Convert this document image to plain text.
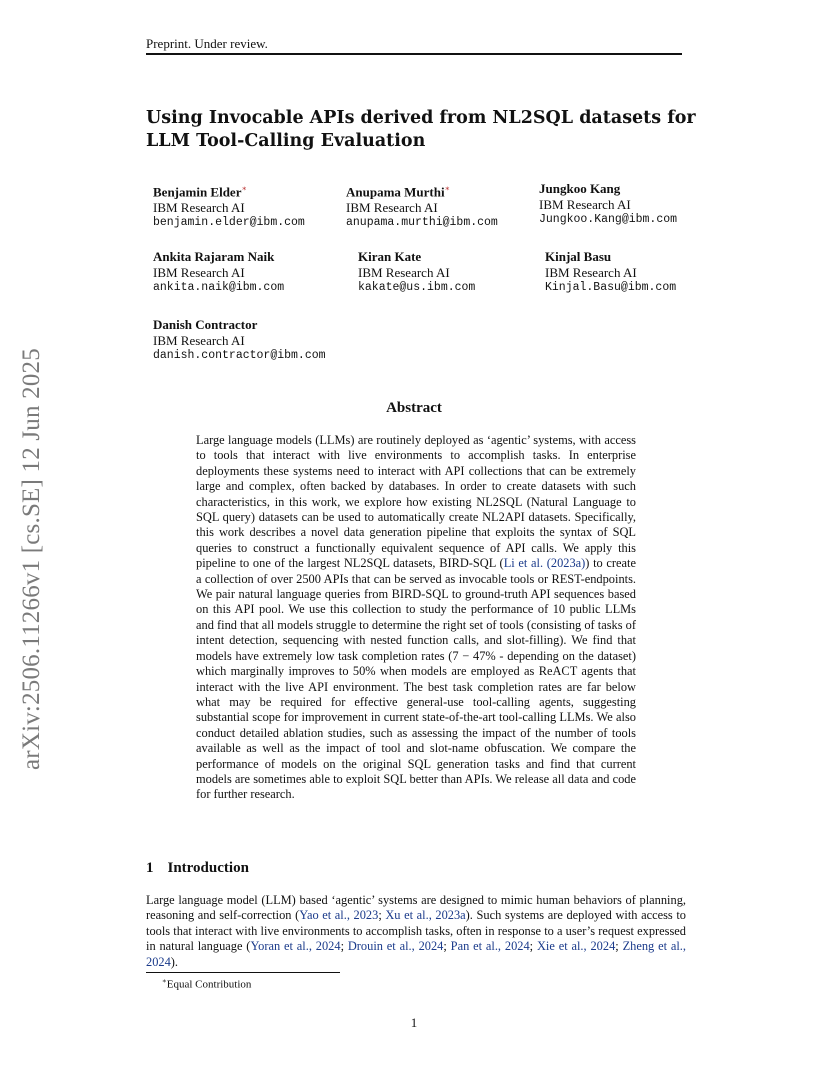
Preprint. Under review.
arXiv:2506.11266v1 [cs.SE] 12 Jun 2025
Using Invocable APIs derived from NL2SQL datasets for LLM Tool-Calling Evaluation
Benjamin Elder∗
IBM Research AI
benjamin.elder@ibm.com
Anupama Murthi∗
IBM Research AI
anupama.murthi@ibm.com
Jungkoo Kang
IBM Research AI
Jungkoo.Kang@ibm.com
Ankita Rajaram Naik
IBM Research AI
ankita.naik@ibm.com
Kiran Kate
IBM Research AI
kakate@us.ibm.com
Kinjal Basu
IBM Research AI
Kinjal.Basu@ibm.com
Danish Contractor
IBM Research AI
danish.contractor@ibm.com
Abstract
Large language models (LLMs) are routinely deployed as ‘agentic’ systems, with access to tools that interact with live environments to accomplish tasks. In enterprise deployments these systems need to interact with API collections that can be extremely large and complex, often backed by databases. In order to create datasets with such characteristics, in this work, we explore how existing NL2SQL (Natural Language to SQL query) datasets can be used to automatically create NL2API datasets. Specifically, this work describes a novel data generation pipeline that exploits the syntax of SQL queries to construct a functionally equivalent sequence of API calls. We apply this pipeline to one of the largest NL2SQL datasets, BIRD-SQL (Li et al. (2023a)) to create a collection of over 2500 APIs that can be served as invocable tools or REST-endpoints. We pair natural language queries from BIRD-SQL to ground-truth API sequences based on this API pool. We use this collection to study the performance of 10 public LLMs and find that all models struggle to determine the right set of tools (consisting of tasks of intent detection, sequencing with nested function calls, and slot-filling). We find that models have extremely low task completion rates (7 − 47% - depending on the dataset) which marginally improves to 50% when models are employed as ReACT agents that interact with the live API environment. The best task completion rates are far below what may be required for effective general-use tool-calling agents, suggesting substantial scope for improvement in current state-of-the-art tool-calling LLMs. We also conduct detailed ablation studies, such as assessing the impact of the number of tools available as well as the impact of tool and slot-name obfuscation. We compare the performance of models on the original SQL generation tasks and find that current models are sometimes able to exploit SQL better than APIs. We release all data and code for further research.
1 Introduction
Large language model (LLM) based ‘agentic’ systems are designed to mimic human behaviors of planning, reasoning and self-correction (Yao et al., 2023; Xu et al., 2023a). Such systems are deployed with access to tools that interact with live environments to accomplish tasks, often in response to a user’s request expressed in natural language (Yoran et al., 2024; Drouin et al., 2024; Pan et al., 2024; Xie et al., 2024; Zheng et al., 2024).
∗Equal Contribution
1
